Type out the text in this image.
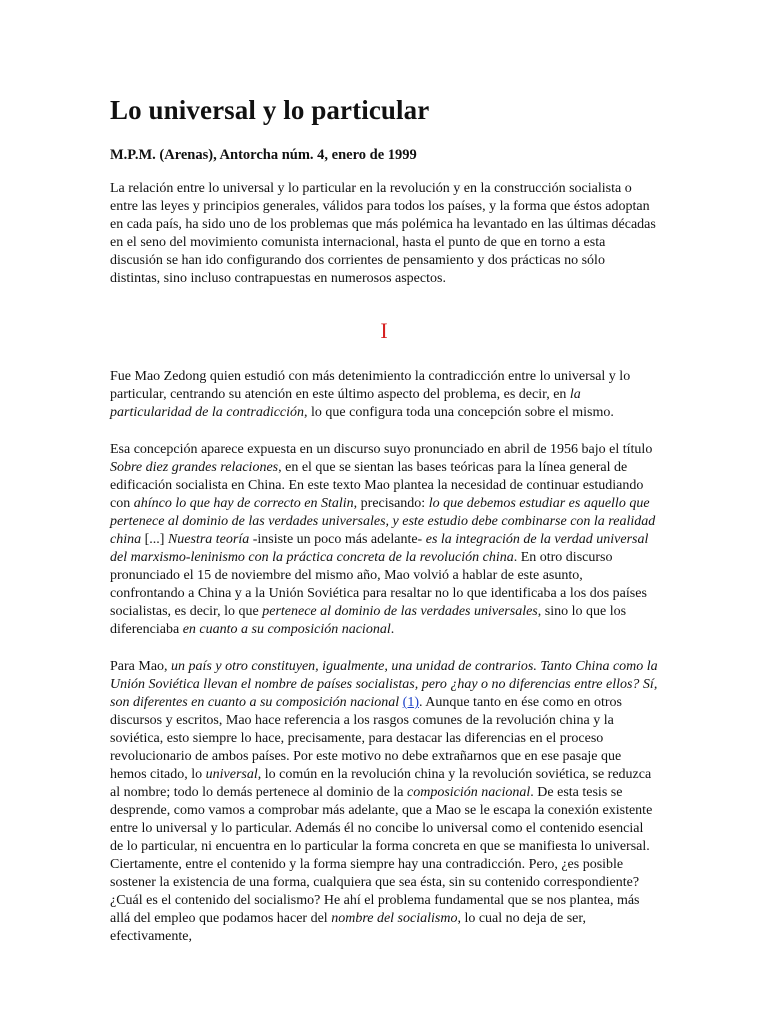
Lo universal y lo particular
M.P.M. (Arenas), Antorcha núm. 4, enero de 1999

La relación entre lo universal y lo particular en la revolución y en la construcción socialista o entre las leyes y principios generales, válidos para todos los países, y la forma que éstos adoptan en cada país, ha sido uno de los problemas que más polémica ha levantado en las últimas décadas en el seno del movimiento comunista internacional, hasta el punto de que en torno a esta discusión se han ido configurando dos corrientes de pensamiento y dos prácticas no sólo distintas, sino incluso contrapuestas en numerosos aspectos.

I

Fue Mao Zedong quien estudió con más detenimiento la contradicción entre lo universal y lo particular, centrando su atención en este último aspecto del problema, es decir, en la particularidad de la contradicción, lo que configura toda una concepción sobre el mismo.

Esa concepción aparece expuesta en un discurso suyo pronunciado en abril de 1956 bajo el título Sobre diez grandes relaciones, en el que se sientan las bases teóricas para la línea general de edificación socialista en China. En este texto Mao plantea la necesidad de continuar estudiando con ahínco lo que hay de correcto en Stalin, precisando: lo que debemos estudiar es aquello que pertenece al dominio de las verdades universales, y este estudio debe combinarse con la realidad china [...] Nuestra teoría -insiste un poco más adelante- es la integración de la verdad universal del marxismo-leninismo con la práctica concreta de la revolución china. En otro discurso pronunciado el 15 de noviembre del mismo año, Mao volvió a hablar de este asunto, confrontando a China y a la Unión Soviética para resaltar no lo que identificaba a los dos países socialistas, es decir, lo que pertenece al dominio de las verdades universales, sino lo que los diferenciaba en cuanto a su composición nacional.

Para Mao, un país y otro constituyen, igualmente, una unidad de contrarios. Tanto China como la Unión Soviética llevan el nombre de países socialistas, pero ¿hay o no diferencias entre ellos? Sí, son diferentes en cuanto a su composición nacional (1). Aunque tanto en ése como en otros discursos y escritos, Mao hace referencia a los rasgos comunes de la revolución china y la soviética, esto siempre lo hace, precisamente, para destacar las diferencias en el proceso revolucionario de ambos países. Por este motivo no debe extrañarnos que en ese pasaje que hemos citado, lo universal, lo común en la revolución china y la revolución soviética, se reduzca al nombre; todo lo demás pertenece al dominio de la composición nacional. De esta tesis se desprende, como vamos a comprobar más adelante, que a Mao se le escapa la conexión existente entre lo universal y lo particular. Además él no concibe lo universal como el contenido esencial de lo particular, ni encuentra en lo particular la forma concreta en que se manifiesta lo universal. Ciertamente, entre el contenido y la forma siempre hay una contradicción. Pero, ¿es posible sostener la existencia de una forma, cualquiera que sea ésta, sin su contenido correspondiente? ¿Cuál es el contenido del socialismo? He ahí el problema fundamental que se nos plantea, más allá del empleo que podamos hacer del nombre del socialismo, lo cual no deja de ser, efectivamente,
